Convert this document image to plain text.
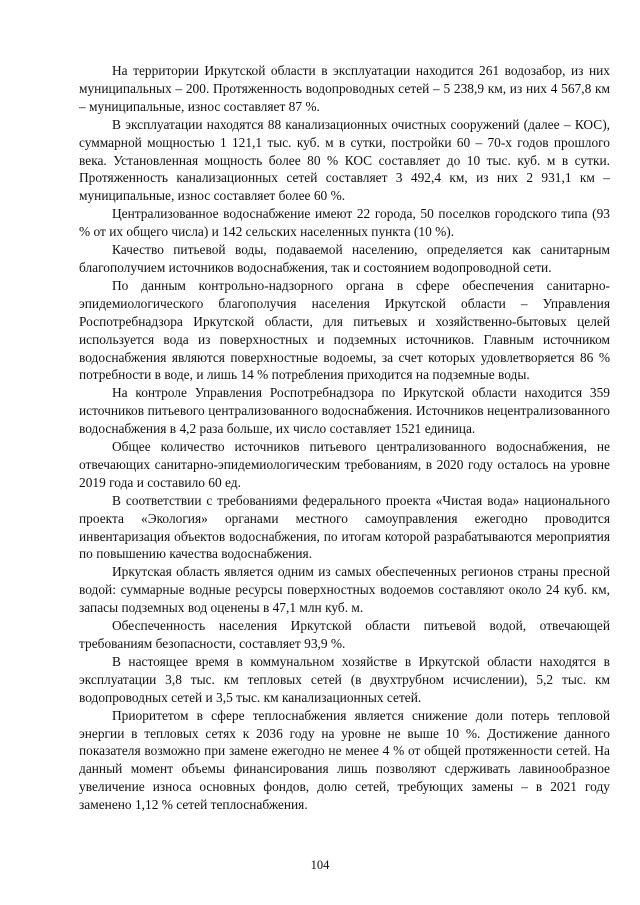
На территории Иркутской области в эксплуатации находится 261 водозабор, из них муниципальных – 200. Протяженность водопроводных сетей – 5 238,9 км, из них 4 567,8 км – муниципальные, износ составляет 87 %.

В эксплуатации находятся 88 канализационных очистных сооружений (далее – КОС), суммарной мощностью 1 121,1 тыс. куб. м в сутки, постройки 60 – 70-х годов прошлого века. Установленная мощность более 80 % КОС составляет до 10 тыс. куб. м в сутки. Протяженность канализационных сетей составляет 3 492,4 км, из них 2 931,1 км – муниципальные, износ составляет более 60 %.

Централизованное водоснабжение имеют 22 города, 50 поселков городского типа (93 % от их общего числа) и 142 сельских населенных пункта (10 %).

Качество питьевой воды, подаваемой населению, определяется как санитарным благополучием источников водоснабжения, так и состоянием водопроводной сети.

По данным контрольно-надзорного органа в сфере обеспечения санитарно-эпидемиологического благополучия населения Иркутской области – Управления Роспотребнадзора Иркутской области, для питьевых и хозяйственно-бытовых целей используется вода из поверхностных и подземных источников. Главным источником водоснабжения являются поверхностные водоемы, за счет которых удовлетворяется 86 % потребности в воде, и лишь 14 % потребления приходится на подземные воды.

На контроле Управления Роспотребнадзора по Иркутской области находится 359 источников питьевого централизованного водоснабжения. Источников нецентрализованного водоснабжения в 4,2 раза больше, их число составляет 1521 единица.

Общее количество источников питьевого централизованного водоснабжения, не отвечающих санитарно-эпидемиологическим требованиям, в 2020 году осталось на уровне 2019 года и составило 60 ед.

В соответствии с требованиями федерального проекта «Чистая вода» национального проекта «Экология» органами местного самоуправления ежегодно проводится инвентаризация объектов водоснабжения, по итогам которой разрабатываются мероприятия по повышению качества водоснабжения.

Иркутская область является одним из самых обеспеченных регионов страны пресной водой: суммарные водные ресурсы поверхностных водоемов составляют около 24 куб. км, запасы подземных вод оценены в 47,1 млн куб. м.

Обеспеченность населения Иркутской области питьевой водой, отвечающей требованиям безопасности, составляет 93,9 %.

В настоящее время в коммунальном хозяйстве в Иркутской области находятся в эксплуатации 3,8 тыс. км тепловых сетей (в двухтрубном исчислении), 5,2 тыс. км водопроводных сетей и 3,5 тыс. км канализационных сетей.

Приоритетом в сфере теплоснабжения является снижение доли потерь тепловой энергии в тепловых сетях к 2036 году на уровне не выше 10 %. Достижение данного показателя возможно при замене ежегодно не менее 4 % от общей протяженности сетей. На данный момент объемы финансирования лишь позволяют сдерживать лавинообразное увеличение износа основных фондов, долю сетей, требующих замены – в 2021 году заменено 1,12 % сетей теплоснабжения.

104
